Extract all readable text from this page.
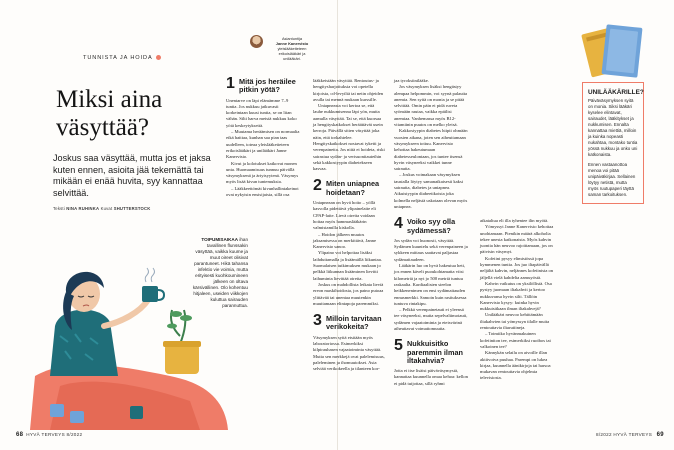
TUNNISTA JA HOIDA
Miksi aina väsyttää?
Joskus saa väsyttää, mutta jos et jaksa kuten ennen, asioita jää tekemättä tai mikään ei enää huvita, syy kannattaa selvittää.
Teksti NINA RUHINKA Kuvat SHUTTERSTOCK
Asiantuntija
Janne Kanervisto
yleislääketieteen
erikoislääkäri ja
unilääkäri.
TOIPUMISAIKAA ihan tavallinen flunssakin väsyttää, vaikka kuume ja muut oireet olisivat parantuneet. Hikä tahansa infektio vie voimia, mutta erityisesti kuohkoumineen jälkeen on oltava kärsivällinen. Olo kohentuu hitjaleen, useiden viikkojen kuluttua sairauden parannuttua.
1 Mitä jos heräilee pitkin yötä?

Unentarve on läpi elämämme 7–9 tuntia. Jos nukkuu jatkuvasti korkeintaan kuusi tuntia, se on liian vähän. Silti harva meistä nukkuu koko yötä keskeytyksettä.

– Muutama heräämisen on normaalia eikä haittaa, kunhan saa pian taas uudelleen, toteaa yleislääketieteen erikoislääkäri ja unilääkäri Janne Kanervisto.

Kivut ja kolotukset katkovat monen unta. Huomaamisuus tunnuu päivällä väsymyksenä ja ärtyisyytenä. Väsymys myös lisää kivun tuntemuksia.

– Lääkkeettömät kivunhallintakeinot ovat nykyisin ensisijaisia, sillä osa

lääkkeistään väsyttää. Rentoutus- ja hengitysharjoituksia voi opetella kirjoista, cd-levyiltä tai netin ohjeiden avulla tai mennä mukaan kurssille.

Uniapneasta voi kertoa se, että lauhe nukkumisenna läpi yön, mutta aamulla väsyttää. Tai se, että kuorsaa ja hengityskatkokset heräättävät usein kerroja. Päivällä sitten väsyttää joka näin, että torkahtelee. Hengityskatkokset nostavat tyketti ja verenpainetta. Jos niitä ei hoideta, riski sairastua sydän- ja verisuonitauteihin sekä kakkostyypin diabetekseen kasvaa.

2 Miten uniapnea hoidetaan?

Uniapneaan on hyvä hoito – yöllä kasvolla pidettävä ylipainelaite eli CPAP-laite. Lievä oireita voidaan hoitaa myös hammaslääkärin valmistamilla kiskolla.

– Hoidon jälkeen muutos jaksamisessa on merkittävä, Janne Kanervisto sanoo.

Ylipaino voi helpottaa lisäksi laihduttamalla ja lisäämällä liikuntaa. Suomalaisen tutkimuksen mukaan jo pelkkä liikunnan lisääminen lievitti laihuminta lievittää oireita.

Joskus on mahdollista leikata lieviä ereon maskihoidosta, jos paino putoaa ylittävää tai unentaa muutenkin muuttamaan elintapoja paremmiksi.

3 Milloin tarvitaan verikokeita?

Väsymyksen syitä etsitään myös laboratoriossa. Esimerkiksi kilpirauhasen vajaatoiminta väsyttää. Mutta sen merkkejä ovat palelemisuus, paleleminen ja ihomuutokset. Asia selviää verikokeella ja tilanteen kor-

jaa tyroksiinilääke.

Jos väsymyksen lisäksi hengästyy alempaa helpommin, voi syynä palautta anemia. Sen syitä on monia ja se pitää selvittää. Omin päin ei pidä ruveta syömään rautaa, vaikka epäilisi anemiaa. Vanhemassa myös B12-vitamiinin puutos on melko yleisä.

Kakkostyypin diabetes hiipii ohmään vuosien aikana, joten sen aiheuttamaan väsymykseen tottuu. Kanervisto kehottaa hakeutumaan diabetesseulontaan, jos tuntee itsensä hyvin väsyneeksi vaikkei tunne sairautta.

– Joskus voimakaan väsymyksen taustalla löytyy samanaikaisesti kaksi sairautta, diabetes ja uniapnea. Aikuistyypin diabeetikoista joka kolmella neljästä uskotaan olevan myös uniapnea.

4 Voiko syy olla sydämessä?

Jos sydän voi huonosti, väsyttää. Sydämen kuuntelu sekä verenpaineen ja sykkeen mittaus saattavat paljastaa sydämaitaudeen.

Lääkärin luo on hyvä hakeutua heti, jos ennen kävelt puoukohtamatta viisi kilometriä ja nyt jo 500 metriä tuntuu raskaalta. Kardiaalisten sieelon heikkenenimen on ensi sydämaitauden ennusmerkki. Samoin kuin rasituksessa tuntuva rintakipu.

– Pelkkä verenpainetauti ei yleensä tee väsyneeksi, mutta sepelvaltimotauti, sydämen vajaatoiminta ja eteisvärinä aiheuttavat voimattomuutta.

5 Nukkuisitko paremmin ilman iltakahvia?

Jotta ei itse lisäisi päiväväsymystä, kannattaa kuunnella omaa kehoa: kellon ei pidä tuijottaa, sillä ryhmi

aikataltua eli illa tyhentee ilin myötä.

Yömyssyt Janne Kanervisto kehottaa unohtamaan. Pienikin määrä alkoholia tekee unesta katkonaista. Myös kahvin juontia hän neuvoo rajoittamaan, jos on päivisin väsymyt.

Kofeiini pysyy elimistössä jopa kymmenen tuntia. Jos juo iltapäivällä neljältä kahvin, neljännes kofeiinista on jäljellä vielä kahdelta aamuyöstä.

Kahvin vaikutus on yksilöllistä. Osa pystyy juomaan iltakahvit ja kertoo nukkuvansa hyvin silti. Tällöin Kanervisto kysyy: kuinka hyvin nukkuisitkaan ilman iltakahvejä?

Unilääkäri neuvoo kehittämään iltakahvien tai yömyssyn tilalle muita rentouttavia iltarutiineja.

– Toimiiko hyvänmakuinen kofeiiniton tee, esimerkiksi ruoibos tai valkoinen tee?

Kännykän selailu on aivoille illan aktiivoiva puuhaa. Parempi on lukea kirjaa, kuunnella äänikirjoja tai harsoa mukavan rentouttavia ohjelmia televisiosta.

UNILÄÄKÄRILLE?

Päiväväsymyksen syitä on monia. Siksi lääkäri kyselee elintavat, sairaudet, lääkitykset ja nukkumisen. Ennalta kannattaa miettiä, milloin ja kuinka nopeasti nukahtaa, montako tuntia yössä nukkuu ja onko uni katkonaista.

Ennen vastaanottoa menoa voi pitää unipäiväkirjaa. Sellainen löytyy netistä, mutta myös ruutupaperi täyttä saman tarkoituksen.

68 HYVÄ TERVEYS 8/2022	8/2022 HYVÄ TERVEYS 69
